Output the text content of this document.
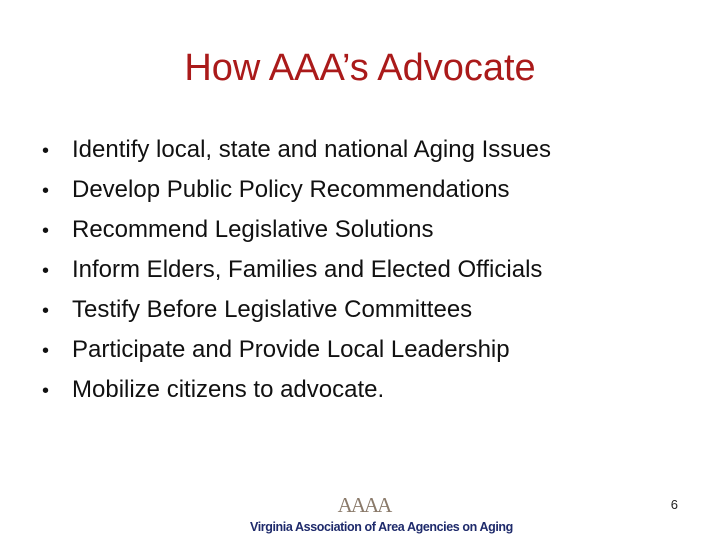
How AAA’s Advocate
• Identify local, state and national Aging Issues
• Develop Public Policy Recommendations
• Recommend Legislative Solutions
• Inform Elders, Families and Elected Officials
• Testify Before Legislative Committees
• Participate and Provide Local Leadership
• Mobilize citizens to advocate.
AAAA
Virginia Association of Area Agencies on Aging
6
